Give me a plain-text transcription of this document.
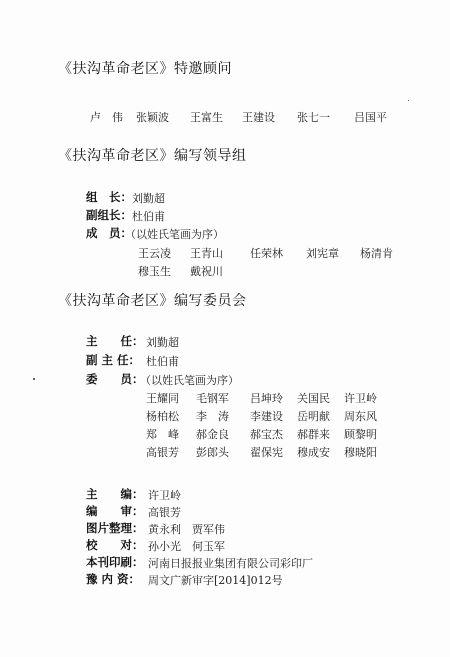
《扶沟革命老区》特邀顾问
卢　伟 张颖波 王富生 王建设 张七一 吕国平
《扶沟革命老区》编写领导组
组　长： 刘勤超
副组长： 杜伯甫
成　员：
（以姓氏笔画为序）
王云凌 王青山 任荣林 刘宪章 杨清肯
穆玉生 戴祝川
《扶沟革命老区》编写委员会
主　　任： 刘勤超
副 主 任： 杜伯甫
委　　员：
（以姓氏笔画为序）
王耀同 毛钢军 吕坤玲 关国民 许卫岭
杨柏松 李　涛 李建设 岳明献 周东风
郑　峰 郝金良 郝宝杰 郝群来 顾黎明
高银芳 彭郎头 翟保宪 穆成安 穆晓阳
主　　编： 许卫岭
编　　审： 高银芳
图片整理： 黄永利　贾军伟
校　　对： 孙小光　何玉军
本刊印刷： 河南日报报业集团有限公司彩印厂
豫 内 资： 周文广新审字[2014]012号
